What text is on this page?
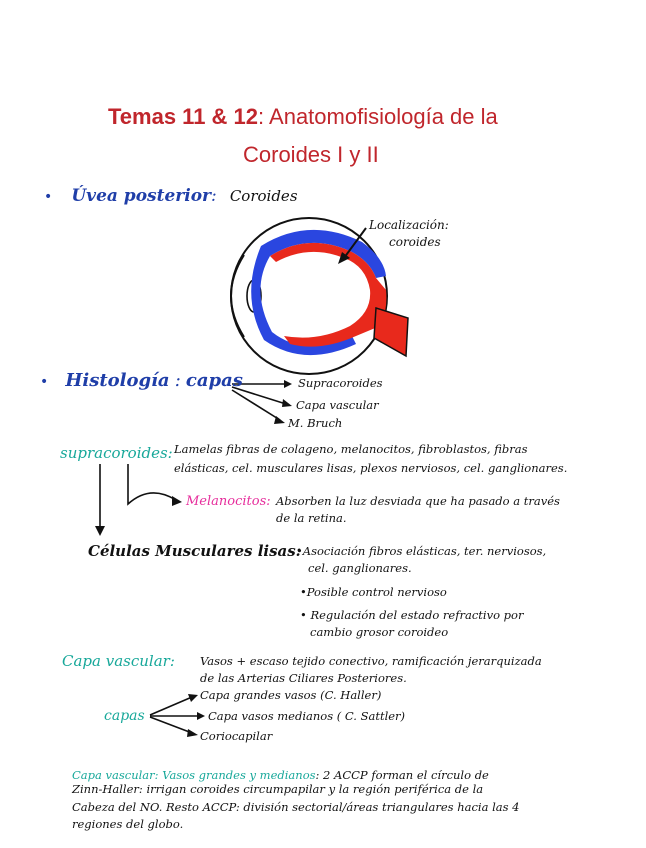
Temas 11 & 12: Anatomofisiología de la
Coroides I y II
• Úvea posterior: Coroides
Localización:
coroides
• Histología : capas	Supracoroides
Capa vascular
M. Bruch
supracoroides: Lamelas fibras de colageno, melanocitos, fibroblastos, fibras
elásticas, cel. musculares lisas, plexos nerviosos, cel. ganglionares.
Melanocitos: Absorben la luz desviada que ha pasado a través
de la retina.
Células Musculares lisas:
•Asociación fibros elásticas, ter. nerviosos,
cel. ganglionares.
•Posible control nervioso
• Regulación del estado refractivo por
cambio grosor coroideo
Capa vascular: Vasos + escaso tejido conectivo, ramificación jerarquizada
de las Arterias Ciliares Posteriores.
capas
Capa grandes vasos (C. Haller)
Capa vasos medianos ( C. Sattler)
Coriocapilar
Capa vascular: Vasos grandes y medianos: 2 ACCP forman el círculo de
Zinn-Haller: irrigan coroides circumpapilar y la región periférica de la
Cabeza del NO. Resto ACCP: división sectorial/áreas triangulares hacia las 4
regiones del globo.
